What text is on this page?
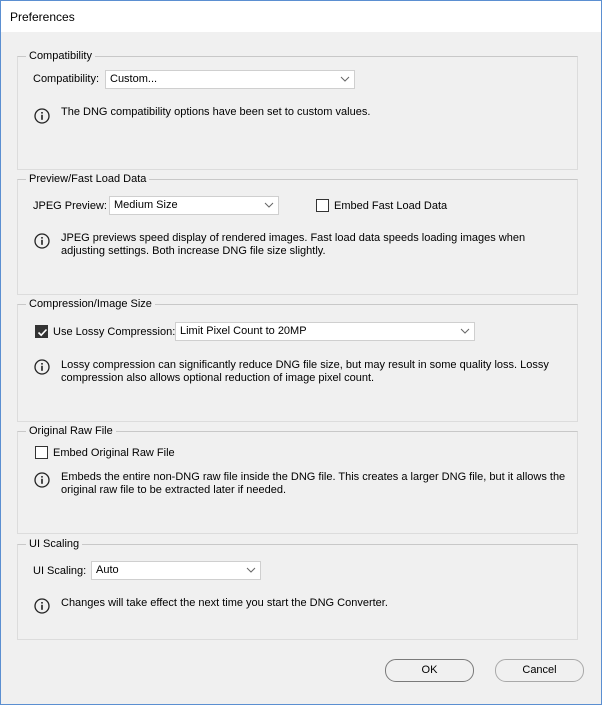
Preferences
Compatibility
Compatibility: Custom...
The DNG compatibility options have been set to custom values.
Preview/Fast Load Data
JPEG Preview: Medium Size	Embed Fast Load Data
JPEG previews speed display of rendered images. Fast load data speeds loading images when
adjusting settings. Both increase DNG file size slightly.
Compression/Image Size
Use Lossy Compression: Limit Pixel Count to 20MP
Lossy compression can significantly reduce DNG file size, but may result in some quality loss. Lossy
compression also allows optional reduction of image pixel count.
Original Raw File
Embed Original Raw File
Embeds the entire non-DNG raw file inside the DNG file. This creates a larger DNG file, but it allows the
original raw file to be extracted later if needed.
UI Scaling
UI Scaling: Auto
Changes will take effect the next time you start the DNG Converter.
OK	Cancel
